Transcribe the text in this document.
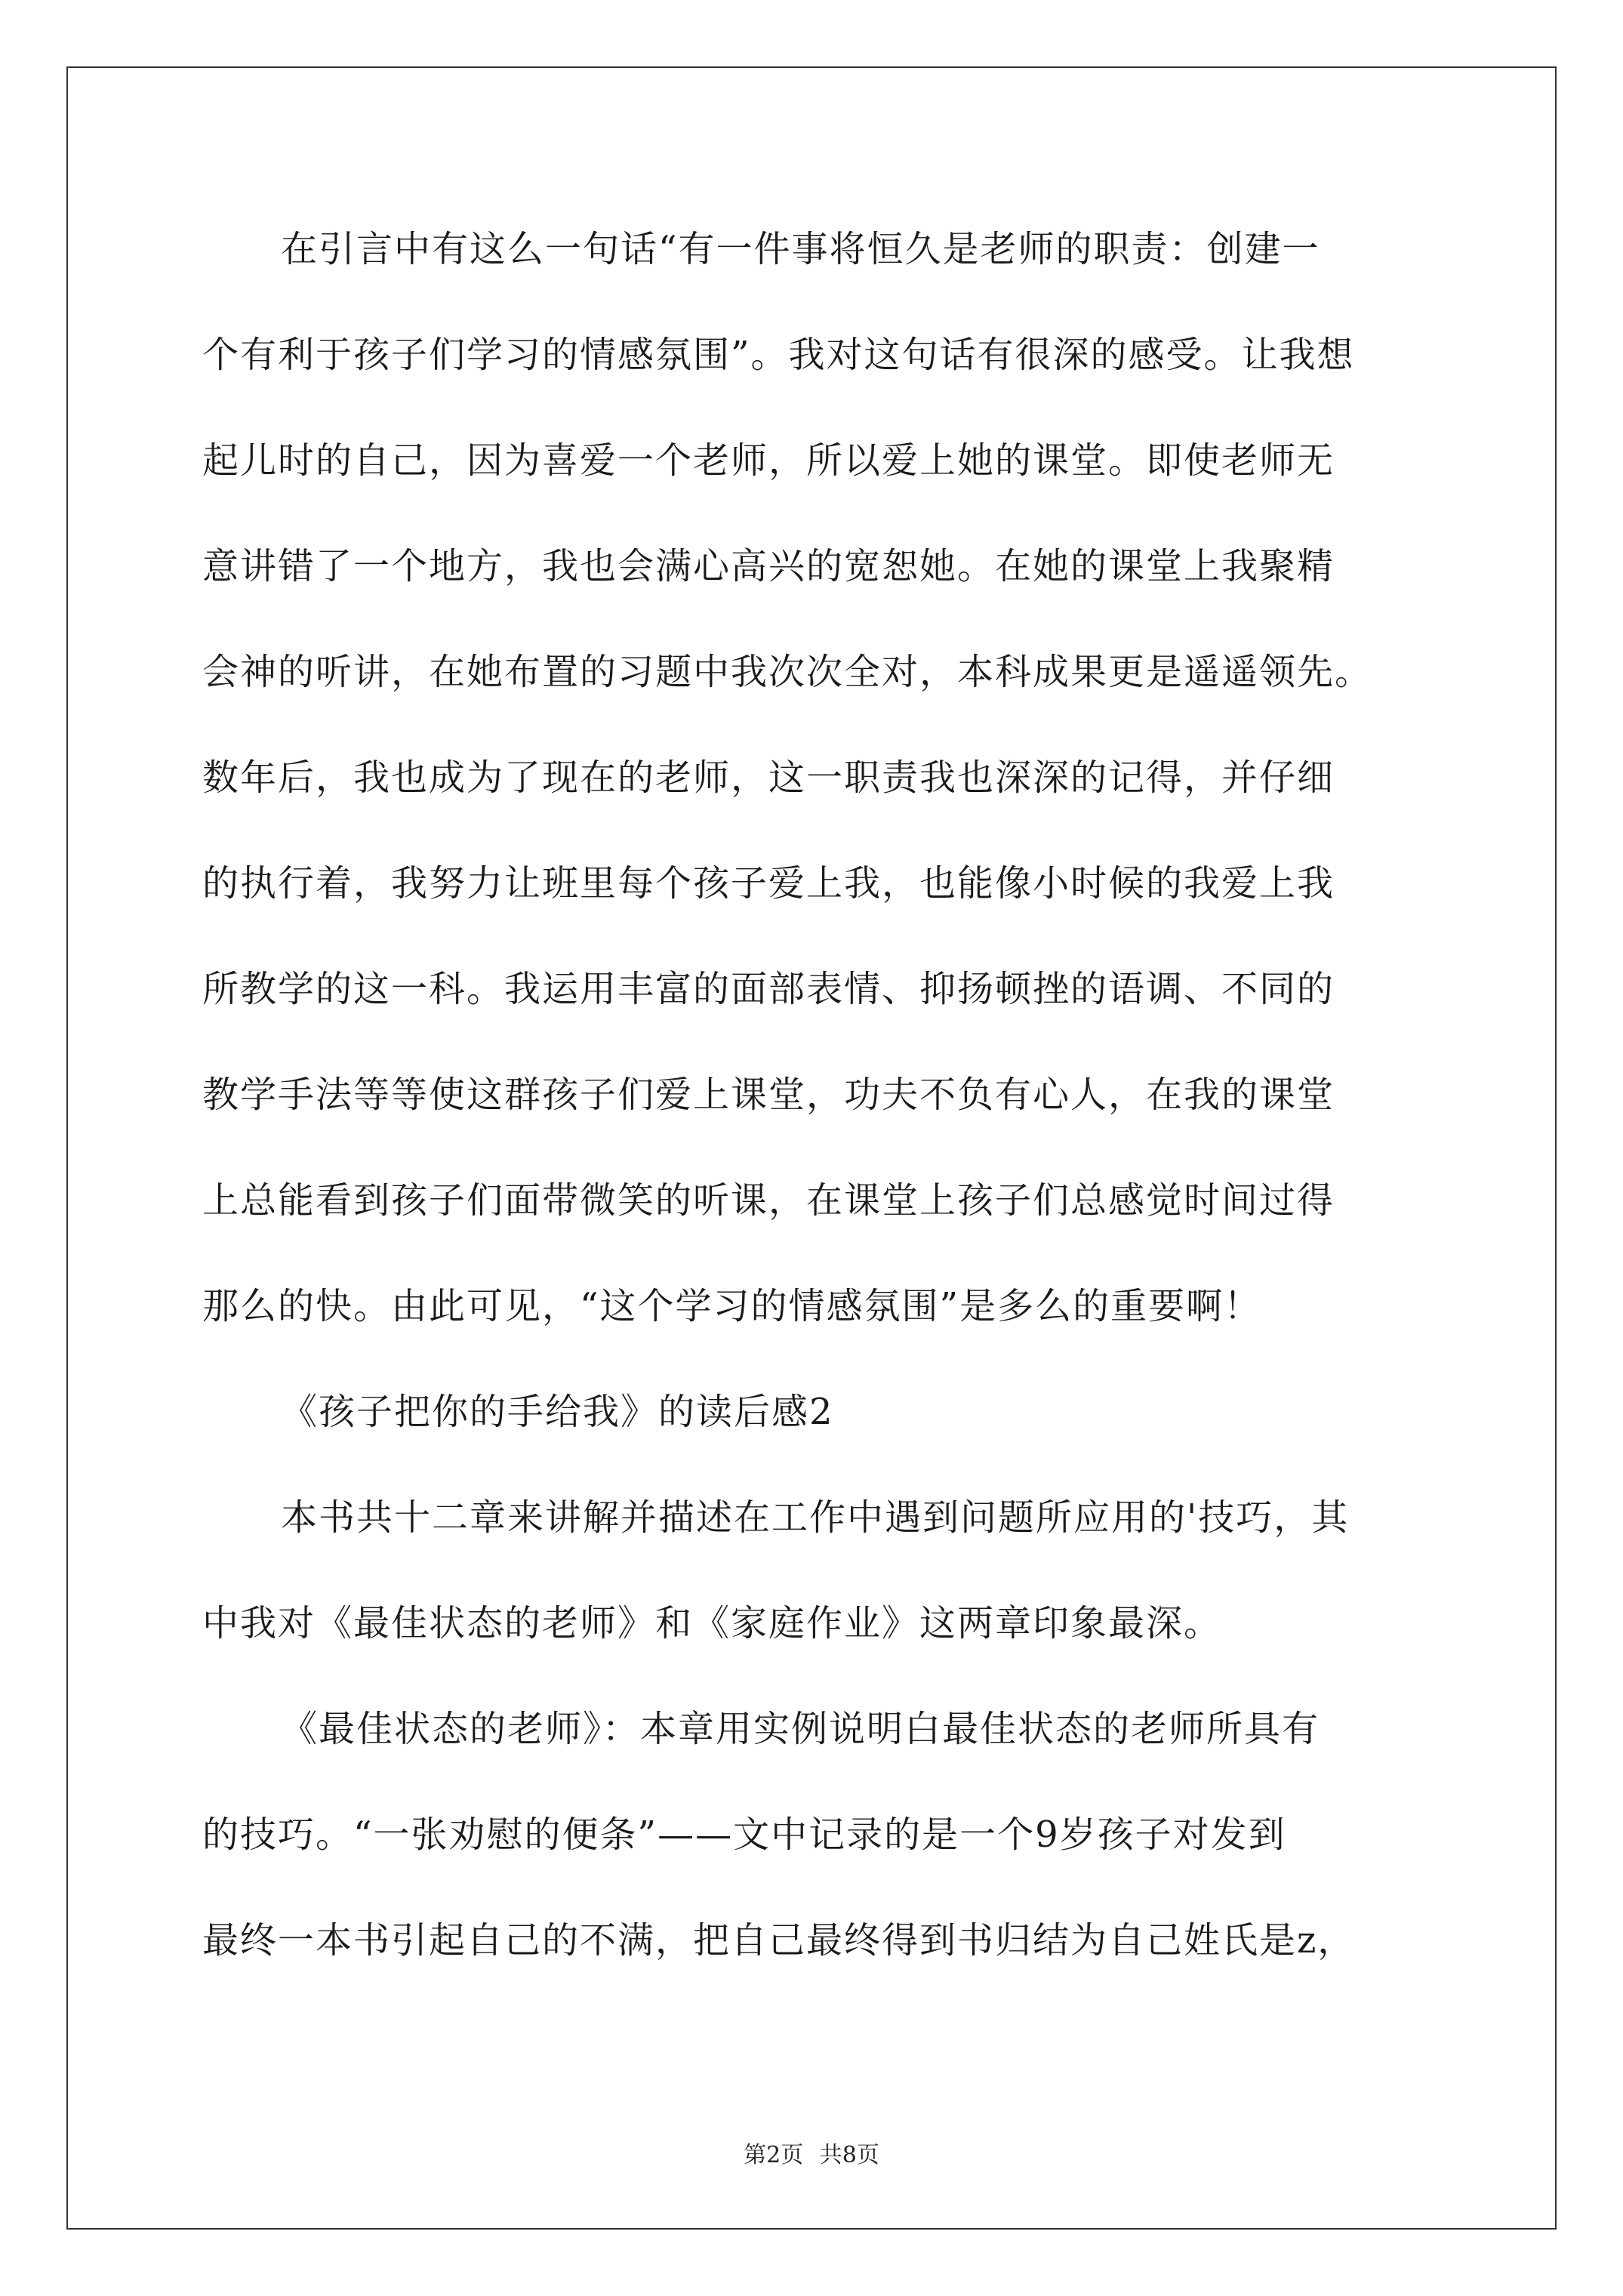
在引言中有这么一句话“有一件事将恒久是老师的职责：创建一
个有利于孩子们学习的情感氛围”。我对这句话有很深的感受。让我想
起儿时的自己，因为喜爱一个老师，所以爱上她的课堂。即使老师无
意讲错了一个地方，我也会满心高兴的宽恕她。在她的课堂上我聚精
会神的听讲，在她布置的习题中我次次全对，本科成果更是遥遥领先。
数年后，我也成为了现在的老师，这一职责我也深深的记得，并仔细
的执行着，我努力让班里每个孩子爱上我，也能像小时候的我爱上我
所教学的这一科。我运用丰富的面部表情、抑扬顿挫的语调、不同的
教学手法等等使这群孩子们爱上课堂，功夫不负有心人，在我的课堂
上总能看到孩子们面带微笑的听课，在课堂上孩子们总感觉时间过得
那么的快。由此可见，“这个学习的情感氛围”是多么的重要啊！
《孩子把你的手给我》的读后感2
本书共十二章来讲解并描述在工作中遇到问题所应用的'技巧，其
中我对《最佳状态的老师》和《家庭作业》这两章印象最深。
《最佳状态的老师》：本章用实例说明白最佳状态的老师所具有
的技巧。“一张劝慰的便条”——文中记录的是一个9岁孩子对发到
最终一本书引起自己的不满，把自己最终得到书归结为自己姓氏是z，
第2页 共8页
